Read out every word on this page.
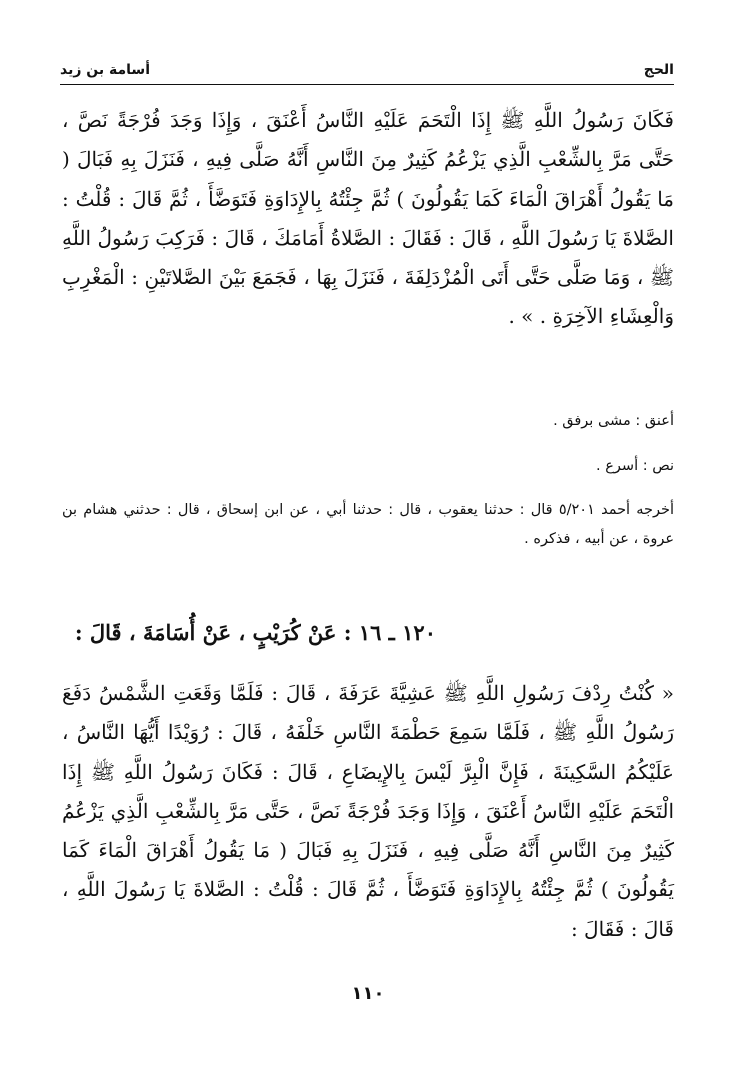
الحج
أسامة بن زيد
فَكَانَ رَسُولُ اللَّهِ ﷺ إِذَا الْتَحَمَ عَلَيْهِ النَّاسُ أَعْنَقَ ، وَإِذَا وَجَدَ فُرْجَةً نَصَّ ، حَتَّى مَرَّ بِالشِّعْبِ الَّذِي يَزْعُمُ كَثِيرٌ مِنَ النَّاسِ أَنَّهُ صَلَّى فِيهِ ، فَنَزَلَ بِهِ فَبَالَ ( مَا يَقُولُ أَهْرَاقَ الْمَاءَ كَمَا يَقُولُونَ ) ثُمَّ جِئْتُهُ بِالإِدَاوَةِ فَتَوَضَّأَ ، ثُمَّ قَالَ : قُلْتُ : الصَّلاةَ يَا رَسُولَ اللَّهِ ، قَالَ : فَقَالَ : الصَّلاةُ أَمَامَكَ ، قَالَ : فَرَكِبَ رَسُولُ اللَّهِ ﷺ ، وَمَا صَلَّى حَتَّى أَتَى الْمُزْدَلِفَةَ ، فَنَزَلَ بِهَا ، فَجَمَعَ بَيْنَ الصَّلاتَيْنِ : الْمَغْرِبِ وَالْعِشَاءِ الآخِرَةِ . » .
أعنق : مشى برفق .
نص : أسرع .
أخرجه أحمد ٥/٢٠١ قال : حدثنا يعقوب ، قال : حدثنا أبي ، عن ابن إسحاق ، قال : حدثني هشام بن عروة ، عن أبيه ، فذكره .
١٢٠ ـ ١٦ : عَنْ كُرَيْبٍ ، عَنْ أُسَامَةَ ، قَالَ :
« كُنْتُ رِدْفَ رَسُولِ اللَّهِ ﷺ عَشِيَّةَ عَرَفَةَ ، قَالَ : فَلَمَّا وَقَعَتِ الشَّمْسُ دَفَعَ رَسُولُ اللَّهِ ﷺ ، فَلَمَّا سَمِعَ حَطْمَةَ النَّاسِ خَلْفَهُ ، قَالَ : رُوَيْدًا أَيُّهَا النَّاسُ ، عَلَيْكُمُ السَّكِينَةَ ، فَإِنَّ الْبِرَّ لَيْسَ بِالإِيضَاعِ ، قَالَ : فَكَانَ رَسُولُ اللَّهِ ﷺ إِذَا الْتَحَمَ عَلَيْهِ النَّاسُ أَعْنَقَ ، وَإِذَا وَجَدَ فُرْجَةً نَصَّ ، حَتَّى مَرَّ بِالشِّعْبِ الَّذِي يَزْعُمُ كَثِيرٌ مِنَ النَّاسِ أَنَّهُ صَلَّى فِيهِ ، فَنَزَلَ بِهِ فَبَالَ ( مَا يَقُولُ أَهْرَاقَ الْمَاءَ كَمَا يَقُولُونَ ) ثُمَّ جِئْتُهُ بِالإِدَاوَةِ فَتَوَضَّأَ ، ثُمَّ قَالَ : قُلْتُ : الصَّلاةَ يَا رَسُولَ اللَّهِ ، قَالَ : فَقَالَ :
١١٠
